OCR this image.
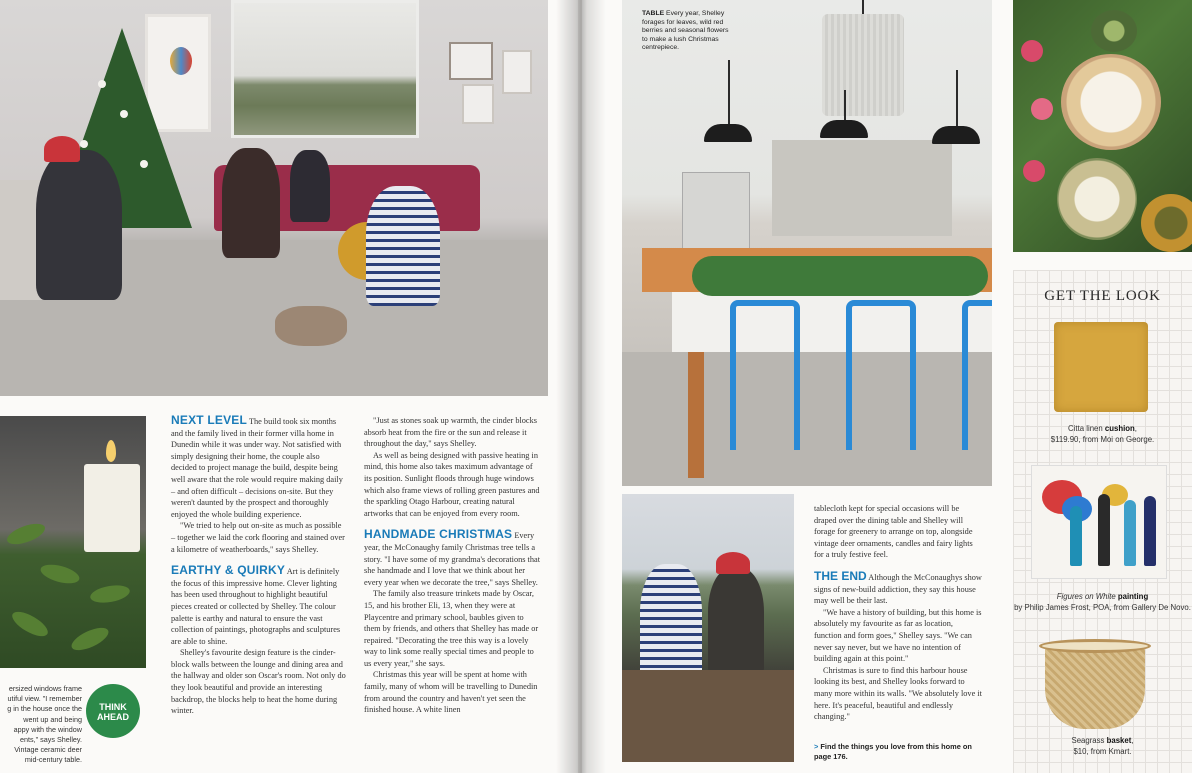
ersized windows frame
utiful view. "I remember
g in the house once the
went up and being
appy with the window
ents," says Shelley.
Vintage ceramic deer
mid-century table.
THINK
AHEAD

NEXT LEVEL The build took six months and the family lived in their former villa home in Dunedin while it was under way. Not satisfied with simply designing their home, the couple also decided to project manage the build, despite being well aware that the role would require making daily – and often difficult – decisions on-site. But they weren't daunted by the prospect and thoroughly enjoyed the whole building experience.

"We tried to help out on-site as much as possible – together we laid the cork flooring and stained over a kilometre of weatherboards," says Shelley.

EARTHY & QUIRKY Art is definitely the focus of this impressive home. Clever lighting has been used throughout to highlight beautiful pieces created or collected by Shelley. The colour palette is earthy and natural to ensure the vast collection of paintings, photographs and sculptures are able to shine.

Shelley's favourite design feature is the cinder-block walls between the lounge and dining area and the hallway and older son Oscar's room. Not only do they look beautiful and provide an interesting backdrop, the blocks help to heat the home during winter.

"Just as stones soak up warmth, the cinder blocks absorb heat from the fire or the sun and release it throughout the day," says Shelley.

As well as being designed with passive heating in mind, this home also takes maximum advantage of its position. Sunlight floods through huge windows which also frame views of rolling green pastures and the sparkling Otago Harbour, creating natural artworks that can be enjoyed from every room.

HANDMADE CHRISTMAS Every year, the McConaughy family Christmas tree tells a story. "I have some of my grandma's decorations that she handmade and I love that we think about her every year when we decorate the tree," says Shelley.

The family also treasure trinkets made by Oscar, 15, and his brother Eli, 13, when they were at Playcentre and primary school, baubles given to them by friends, and others that Shelley has made or repaired. "Decorating the tree this way is a lovely way to link some really special times and people to us every year," she says.

Christmas this year will be spent at home with family, many of whom will be travelling to Dunedin from around the country and haven't yet seen the finished house. A white linen

TABLE Every year, Shelley forages for leaves, wild red berries and seasonal flowers to make a lush Christmas centrepiece.

tablecloth kept for special occasions will be draped over the dining table and Shelley will forage for greenery to arrange on top, alongside vintage deer ornaments, candles and fairy lights for a truly festive feel.

THE END Although the McConaughys show signs of new-build addiction, they say this house may well be their last.

"We have a history of building, but this home is absolutely my favourite as far as location, function and form goes," Shelley says. "We can never say never, but we have no intention of building again at this point."

Christmas is sure to find this harbour house looking its best, and Shelley looks forward to many more within its walls. "We absolutely love it here. It's peaceful, beautiful and endlessly changing."

> Find the things you love from this home on page 176.
GET THE LOOK
Citta linen cushion,
$119.90, from Moi on George.
Figures on White painting
by Philip James Frost, POA, from Gallery De Novo.
Seagrass basket,
$10, from Kmart.
